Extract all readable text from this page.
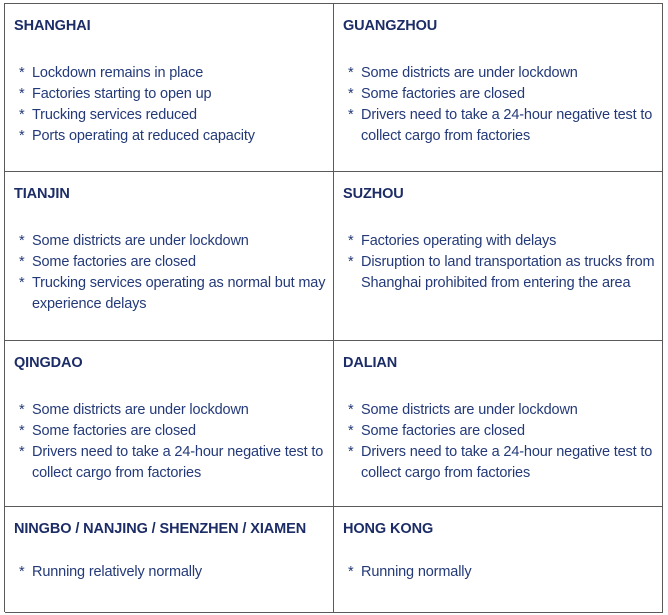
SHANGHAI
* Lockdown remains in place
* Factories starting to open up
* Trucking services reduced
* Ports operating at reduced capacity
GUANGZHOU
* Some districts are under lockdown
* Some factories are closed
* Drivers need to take a 24-hour negative test to collect cargo from factories
TIANJIN
* Some districts are under lockdown
* Some factories are closed
* Trucking services operating as normal but may experience delays
SUZHOU
* Factories operating with delays
* Disruption to land transportation as trucks from Shanghai prohibited from entering the area
QINGDAO
* Some districts are under lockdown
* Some factories are closed
* Drivers need to take a 24-hour negative test to collect cargo from factories
DALIAN
* Some districts are under lockdown
* Some factories are closed
* Drivers need to take a 24-hour negative test to collect cargo from factories
NINGBO / NANJING / SHENZHEN / XIAMEN
* Running relatively normally
HONG KONG
* Running normally
